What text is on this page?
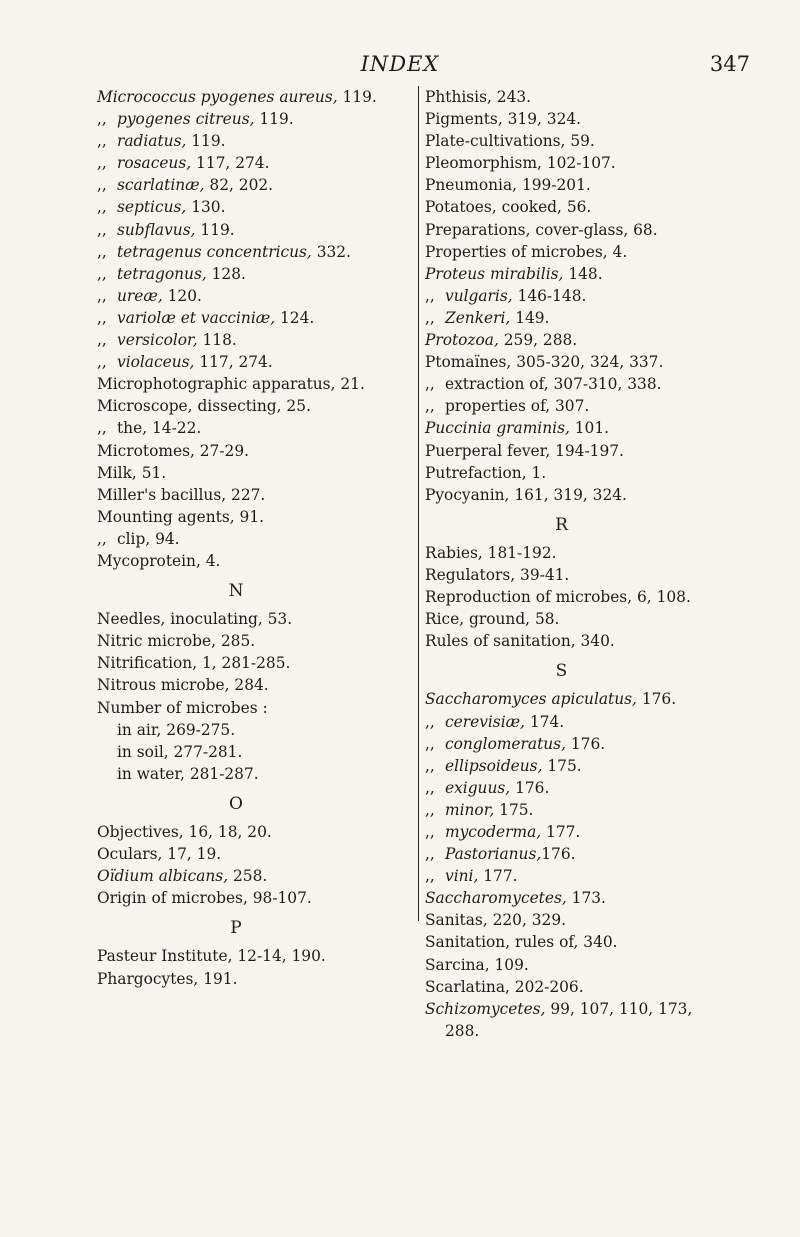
INDEX	347

Micrococcus pyogenes aureus, 119.

,, pyogenes citreus, 119.

,, radiatus, 119.

,, rosaceus, 117, 274.

,, scarlatinæ, 82, 202.

,, septicus, 130.

,, subflavus, 119.

,, tetragenus concentricus, 332.

,, tetragonus, 128.

,, ureæ, 120.

,, variolæ et vacciniæ, 124.

,, versicolor, 118.

,, violaceus, 117, 274.

Microphotographic apparatus, 21.

Microscope, dissecting, 25.

,, the, 14-22.

Microtomes, 27-29.

Milk, 51.

Miller's bacillus, 227.

Mounting agents, 91.

,, clip, 94.

Mycoprotein, 4.

N

Needles, inoculating, 53.

Nitric microbe, 285.

Nitrification, 1, 281-285.

Nitrous microbe, 284.

Number of microbes :

in air, 269-275.

in soil, 277-281.

in water, 281-287.

O

Objectives, 16, 18, 20.

Oculars, 17, 19.

Oïdium albicans, 258.

Origin of microbes, 98-107.

P

Pasteur Institute, 12-14, 190.

Phargocytes, 191.

Phthisis, 243.

Pigments, 319, 324.

Plate-cultivations, 59.

Pleomorphism, 102-107.

Pneumonia, 199-201.

Potatoes, cooked, 56.

Preparations, cover-glass, 68.

Properties of microbes, 4.

Proteus mirabilis, 148.

,, vulgaris, 146-148.

,, Zenkeri, 149.

Protozoa, 259, 288.

Ptomaïnes, 305-320, 324, 337.

,, extraction of, 307-310, 338.

,, properties of, 307.

Puccinia graminis, 101.

Puerperal fever, 194-197.

Putrefaction, 1.

Pyocyanin, 161, 319, 324.

R

Rabies, 181-192.

Regulators, 39-41.

Reproduction of microbes, 6, 108.

Rice, ground, 58.

Rules of sanitation, 340.

S

Saccharomyces apiculatus, 176.

,, cerevisiæ, 174.

,, conglomeratus, 176.

,, ellipsoideus, 175.

,, exiguus, 176.

,, minor, 175.

,, mycoderma, 177.

,, Pastorianus,176.

,, vini, 177.

Saccharomycetes, 173.

Sanitas, 220, 329.

Sanitation, rules of, 340.

Sarcina, 109.

Scarlatina, 202-206.

Schizomycetes, 99, 107, 110, 173, 288.
